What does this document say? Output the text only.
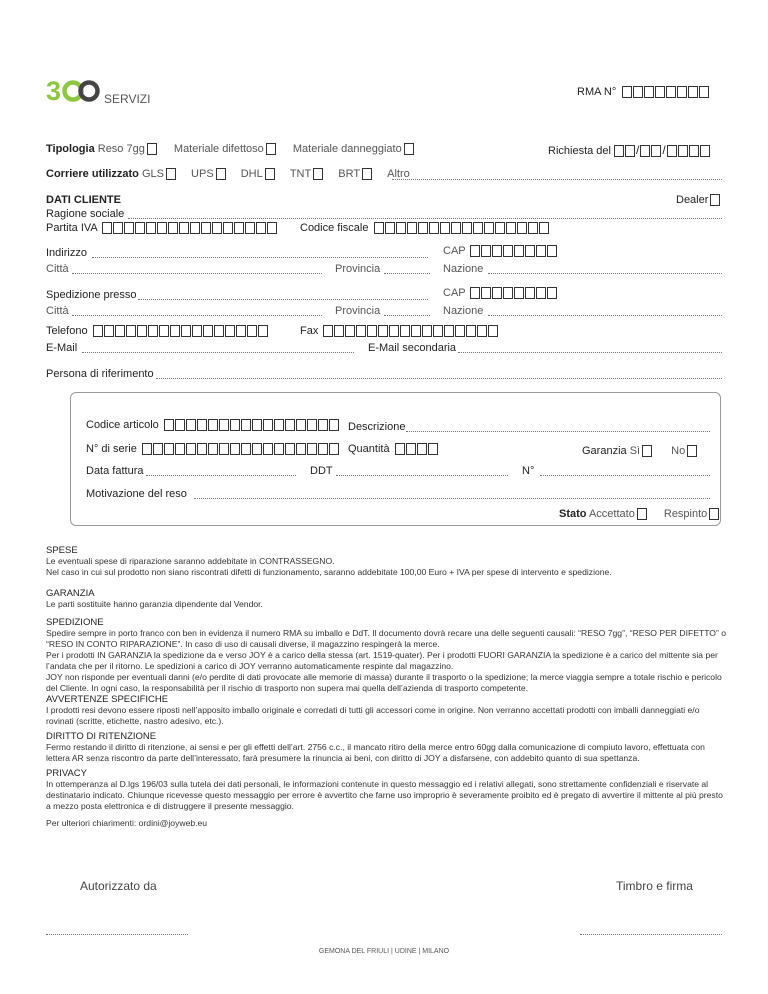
3	SERVIZI	RMA N°
Tipologia Reso 7gg	Materiale difettoso	Materiale danneggiato	Richiesta del / /
Corriere utilizzato GLS UPS DHL TNT BRT Altro
DATI CLIENTE	Dealer
Ragione sociale
Partita IVA	Codice fiscale
Indirizzo	CAP
Città	Provincia	Nazione
Spedizione presso	CAP
Città	Provincia	Nazione
Telefono	Fax
E-Mail	E-Mail secondaria
Persona di riferimento
Codice articolo	Descrizione
N° di serie	Quantità	Garanzia Sì	No
Data fattura	DDT	N°
Motivazione del reso
Stato Accettato	Respinto
SPESE
Le eventuali spese di riparazione saranno addebitate in CONTRASSEGNO.
Nel caso in cui sul prodotto non siano riscontrati difetti di funzionamento, saranno addebitate 100,00 Euro + IVA per spese di intervento e spedizione.
GARANZIA
Le parti sostituite hanno garanzia dipendente dal Vendor.
SPEDIZIONE
Spedire sempre in porto franco con ben in evidenza il numero RMA su imballo e DdT. Il documento dovrà recare una delle seguenti causali: “RESO 7gg”, “RESO PER DIFETTO” o “RESO IN CONTO RIPARAZIONE”. In caso di uso di causali diverse, il magazzino respingerà la merce.
Per i prodotti IN GARANZIA la spedizione da e verso JOY è a carico della stessa (art. 1519-quater). Per i prodotti FUORI GARANZIA la spedizione è a carico del mittente sia per l’andata che per il ritorno. Le spedizioni a carico di JOY verranno automaticamente respinte dal magazzino.
JOY non risponde per eventuali danni (e/o perdite di dati provocate alle memorie di massa) durante il trasporto o la spedizione; la merce viaggia sempre a totale rischio e pericolo del Cliente. In ogni caso, la responsabilità per il rischio di trasporto non supera mai quella dell’azienda di trasporto competente.
AVVERTENZE SPECIFICHE
I prodotti resi devono essere riposti nell’apposito imballo originale e corredati di tutti gli accessori come in origine. Non verranno accettati prodotti con imballi danneggiati e/o rovinati (scritte, etichette, nastro adesivo, etc.).
DIRITTO DI RITENZIONE
Fermo restando il diritto di ritenzione, ai sensi e per gli effetti dell’art. 2756 c.c., il mancato ritiro della merce entro 60gg dalla comunicazione di compiuto lavoro, effettuata con lettera AR senza riscontro da parte dell’interessato, farà presumere la rinuncia ai beni, con diritto di JOY a disfarsene, con addebito quanto di sua spettanza.
PRIVACY
In ottemperanza al D.lgs 196/03 sulla tutela dei dati personali, le informazioni contenute in questo messaggio ed i relativi allegati, sono strettamente confidenziali e riservate al destinatario indicato. Chiunque ricevesse questo messaggio per errore è avvertito che farne uso improprio è severamente proibito ed è pregato di avvertire il mittente al più presto a mezzo posta elettronica e di distruggere il presente messaggio.
Per ulteriori chiarimenti: ordini@joyweb.eu
Autorizzato da	Timbro e firma
GEMONA DEL FRIULI | UDINE | MILANO
